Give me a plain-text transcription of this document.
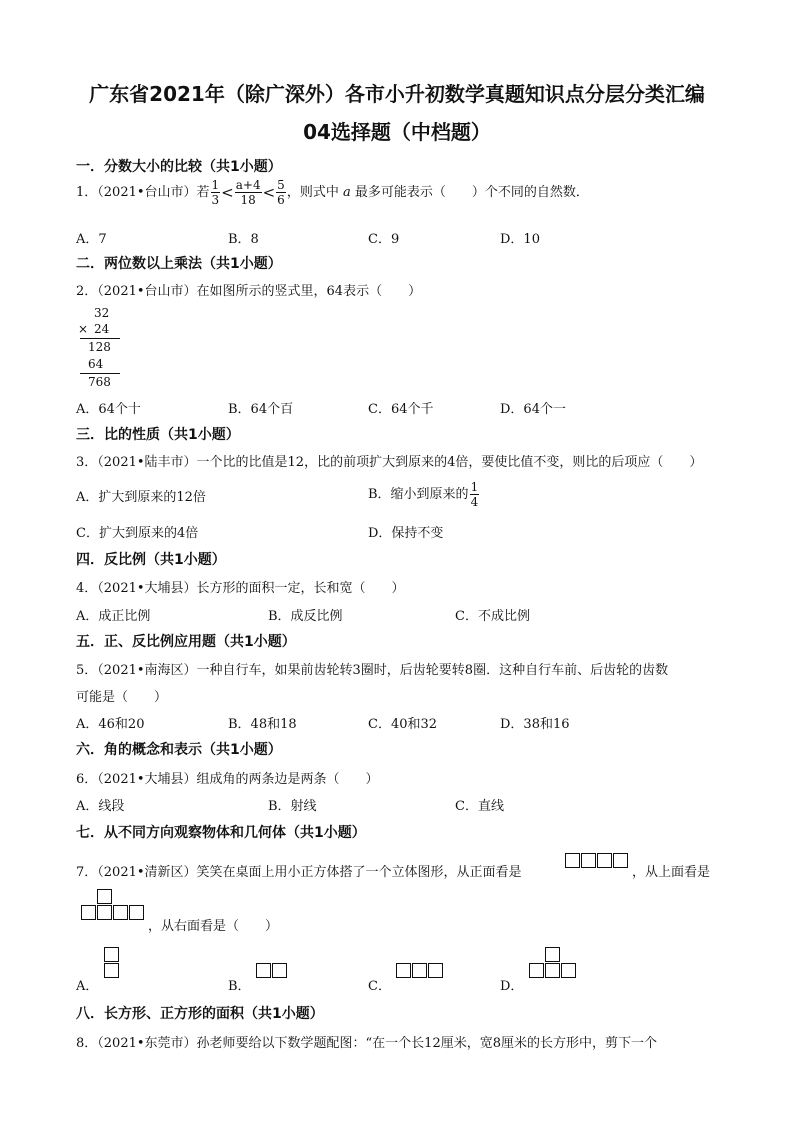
广东省2021年（除广深外）各市小升初数学真题知识点分层分类汇编
04选择题（中档题）
一．分数大小的比较（共1小题）
1．（2021•台山市）若 $\frac{1}{3} < \frac{a+4}{18} < \frac{5}{6}$ ，则式中 a 最多可能表示（　　）个不同的自然数．
A．7	B．8	C．9	D．10
二．两位数以上乘法（共1小题）
2．（2021•台山市）在如图所示的竖式里，64表示（　　）
32
× 24
128
64
768
A．64个十	B．64个百	C．64个千	D．64个一
三．比的性质（共1小题）
3．（2021•陆丰市）一个比的比值是12，比的前项扩大到原来的4倍，要使比值不变，则比的后项应（　　）
A．扩大到原来的12倍	B．缩小到原来的 $\frac{1}{4}$
C．扩大到原来的4倍	D．保持不变
四．反比例（共1小题）
4．（2021•大埔县）长方形的面积一定，长和宽（　　）
A．成正比例	B．成反比例	C．不成比例
五．正、反比例应用题（共1小题）
5．（2021•南海区）一种自行车，如果前齿轮转3圈时，后齿轮要转8圈．这种自行车前、后齿轮的齿数
可能是（　　）
A．46和20	B．48和18	C．40和32	D．38和16
六．角的概念和表示（共1小题）
6．（2021•大埔县）组成角的两条边是两条（　　）
A．线段	B．射线	C．直线
七．从不同方向观察物体和几何体（共1小题）
7．（2021•清新区）笑笑在桌面上用小正方体搭了一个立体图形，从正面看是	，从上面看是
，从右面看是（　　）
A．	B．	C．	D．
八．长方形、正方形的面积（共1小题）
8．（2021•东莞市）孙老师要给以下数学题配图：“在一个长12厘米，宽8厘米的长方形中，剪下一个
